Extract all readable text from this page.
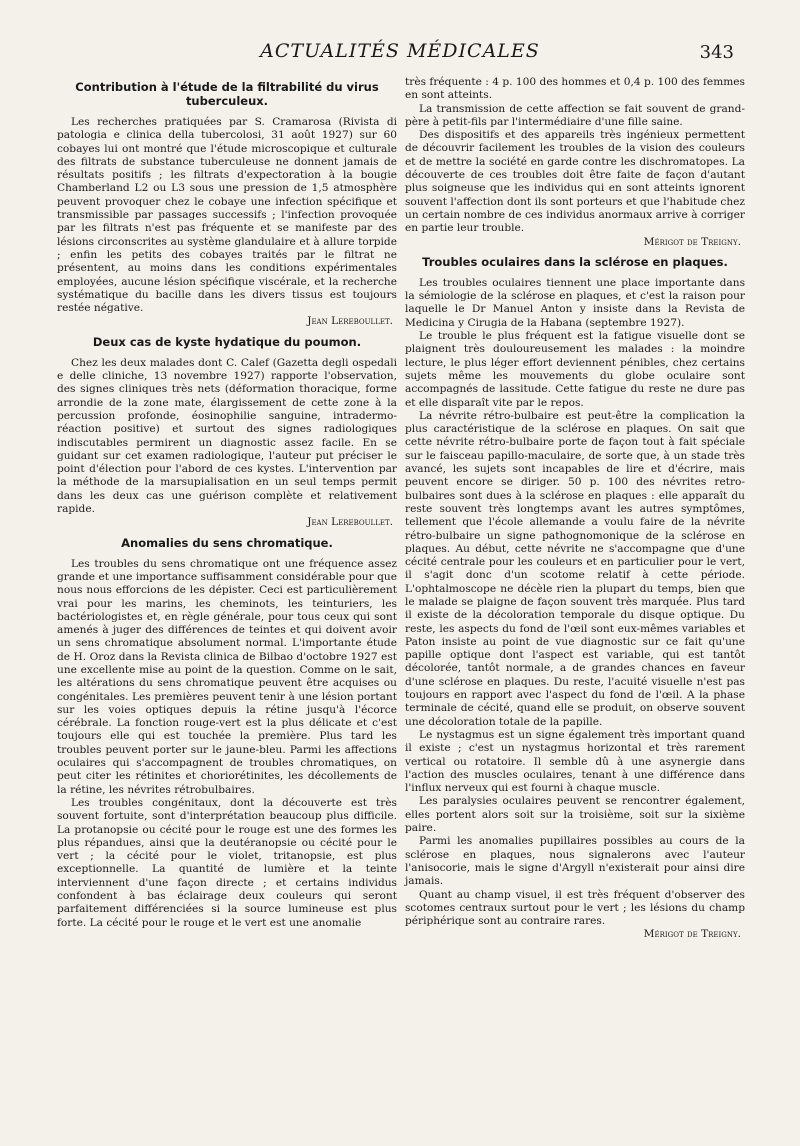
ACTUALITÉS MÉDICALES	343
Contribution à l'étude de la filtrabilité du virus tuberculeux.

Les recherches pratiquées par S. Cramarosa (Rivista di patologia e clinica della tubercolosi, 31 août 1927) sur 60 cobayes lui ont montré que l'étude microscopique et culturale des filtrats de substance tuberculeuse ne donnent jamais de résultats positifs ; les filtrats d'expectoration à la bougie Chamberland L2 ou L3 sous une pression de 1,5 atmosphère peuvent provoquer chez le cobaye une infection spécifique et transmissible par passages successifs ; l'infection provoquée par les filtrats n'est pas fréquente et se manifeste par des lésions circonscrites au système glandulaire et à allure torpide ; enfin les petits des cobayes traités par le filtrat ne présentent, au moins dans les conditions expérimentales employées, aucune lésion spécifique viscérale, et la recherche systématique du bacille dans les divers tissus est toujours restée négative.

Jean Lereboullet.
Deux cas de kyste hydatique du poumon.

Chez les deux malades dont C. Calef (Gazetta degli ospedali e delle cliniche, 13 novembre 1927) rapporte l'observation, des signes cliniques très nets (déformation thoracique, forme arrondie de la zone mate, élargissement de cette zone à la percussion profonde, éosinophilie sanguine, intradermo-réaction positive) et surtout des signes radiologiques indiscutables permirent un diagnostic assez facile. En se guidant sur cet examen radiologique, l'auteur put préciser le point d'élection pour l'abord de ces kystes. L'intervention par la méthode de la marsupialisation en un seul temps permit dans les deux cas une guérison complète et relativement rapide.

Jean Lereboullet.
Anomalies du sens chromatique.

Les troubles du sens chromatique ont une fréquence assez grande et une importance suffisamment considérable pour que nous nous efforcions de les dépister. Ceci est particulièrement vrai pour les marins, les cheminots, les teinturiers, les bactériologistes et, en règle générale, pour tous ceux qui sont amenés à juger des différences de teintes et qui doivent avoir un sens chromatique absolument normal. L'importante étude de H. Oroz dans la Revista clinica de Bilbao d'octobre 1927 est une excellente mise au point de la question. Comme on le sait, les altérations du sens chromatique peuvent être acquises ou congénitales. Les premières peuvent tenir à une lésion portant sur les voies optiques depuis la rétine jusqu'à l'écorce cérébrale. La fonction rouge-vert est la plus délicate et c'est toujours elle qui est touchée la première. Plus tard les troubles peuvent porter sur le jaune-bleu. Parmi les affections oculaires qui s'accompagnent de troubles chromatiques, on peut citer les rétinites et choriorétinites, les décollements de la rétine, les névrites rétrobulbaires.

Les troubles congénitaux, dont la découverte est très souvent fortuite, sont d'interprétation beaucoup plus difficile. La protanopsie ou cécité pour le rouge est une des formes les plus répandues, ainsi que la deutéranopsie ou cécité pour le vert ; la cécité pour le violet, tritanopsie, est plus exceptionnelle. La quantité de lumière et la teinte interviennent d'une façon directe ; et certains individus confondent à bas éclairage deux couleurs qui seront parfaitement différenciées si la source lumineuse est plus forte. La cécité pour le rouge et le vert est une anomalie

très fréquente : 4 p. 100 des hommes et 0,4 p. 100 des femmes en sont atteints.

La transmission de cette affection se fait souvent de grand-père à petit-fils par l'intermédiaire d'une fille saine.

Des dispositifs et des appareils très ingénieux permettent de découvrir facilement les troubles de la vision des couleurs et de mettre la société en garde contre les dischromatopes. La découverte de ces troubles doit être faite de façon d'autant plus soigneuse que les individus qui en sont atteints ignorent souvent l'affection dont ils sont porteurs et que l'habitude chez un certain nombre de ces individus anormaux arrive à corriger en partie leur trouble.

Mérigot de Treigny.
Troubles oculaires dans la sclérose en plaques.

Les troubles oculaires tiennent une place importante dans la sémiologie de la sclérose en plaques, et c'est la raison pour laquelle le Dr Manuel Anton y insiste dans la Revista de Medicina y Cirugia de la Habana (septembre 1927).

Le trouble le plus fréquent est la fatigue visuelle dont se plaignent très douloureusement les malades : la moindre lecture, le plus léger effort deviennent pénibles, chez certains sujets même les mouvements du globe oculaire sont accompagnés de lassitude. Cette fatigue du reste ne dure pas et elle disparaît vite par le repos.

La névrite rétro-bulbaire est peut-être la complication la plus caractéristique de la sclérose en plaques. On sait que cette névrite rétro-bulbaire porte de façon tout à fait spéciale sur le faisceau papillo-maculaire, de sorte que, à un stade très avancé, les sujets sont incapables de lire et d'écrire, mais peuvent encore se diriger. 50 p. 100 des névrites retro-bulbaires sont dues à la sclérose en plaques : elle apparaît du reste souvent très longtemps avant les autres symptômes, tellement que l'école allemande a voulu faire de la névrite rétro-bulbaire un signe pathognomonique de la sclérose en plaques. Au début, cette névrite ne s'accompagne que d'une cécité centrale pour les couleurs et en particulier pour le vert, il s'agit donc d'un scotome relatif à cette période. L'ophtalmoscope ne décèle rien la plupart du temps, bien que le malade se plaigne de façon souvent très marquée. Plus tard il existe de la décoloration temporale du disque optique. Du reste, les aspects du fond de l'œil sont eux-mêmes variables et Paton insiste au point de vue diagnostic sur ce fait qu'une papille optique dont l'aspect est variable, qui est tantôt décolorée, tantôt normale, a de grandes chances en faveur d'une sclérose en plaques. Du reste, l'acuité visuelle n'est pas toujours en rapport avec l'aspect du fond de l'œil. A la phase terminale de cécité, quand elle se produit, on observe souvent une décoloration totale de la papille.

Le nystagmus est un signe également très important quand il existe ; c'est un nystagmus horizontal et très rarement vertical ou rotatoire. Il semble dû à une asynergie dans l'action des muscles oculaires, tenant à une différence dans l'influx nerveux qui est fourni à chaque muscle.

Les paralysies oculaires peuvent se rencontrer également, elles portent alors soit sur la troisième, soit sur la sixième paire.

Parmi les anomalies pupillaires possibles au cours de la sclérose en plaques, nous signalerons avec l'auteur l'anisocorie, mais le signe d'Argyll n'existerait pour ainsi dire jamais.

Quant au champ visuel, il est très fréquent d'observer des scotomes centraux surtout pour le vert ; les lésions du champ périphérique sont au contraire rares.

Mérigot de Treigny.
